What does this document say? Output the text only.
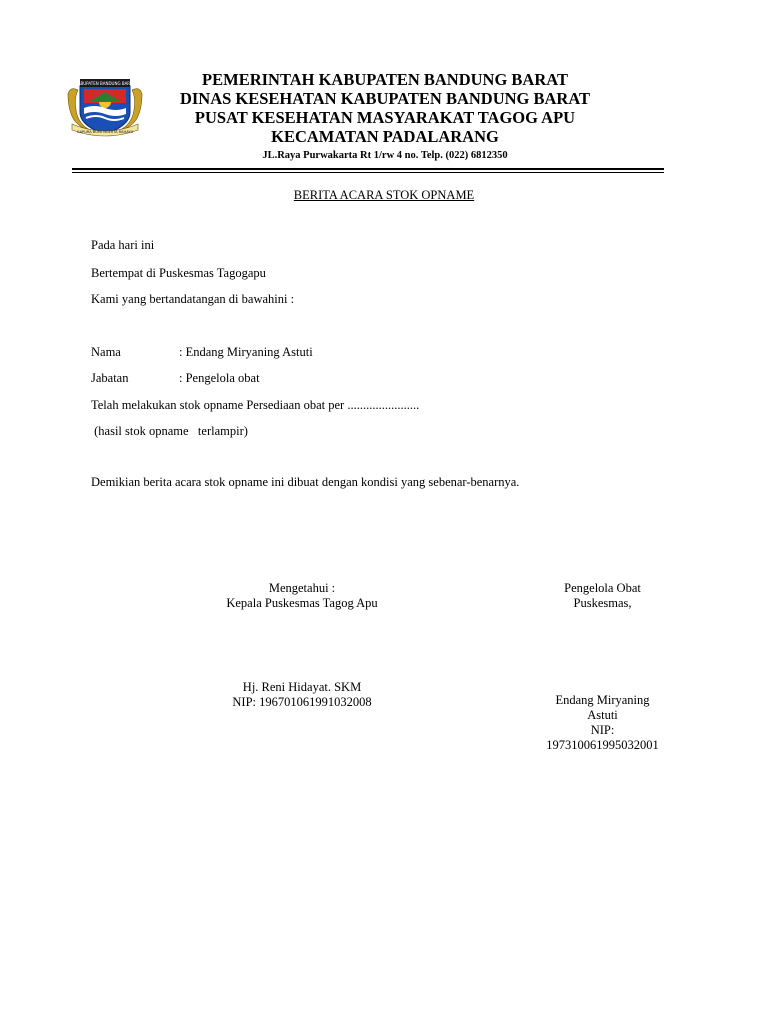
KABUPATEN BANDUNG BARAT
GAPURA BUMI NGERTA RAHAYU
PEMERINTAH KABUPATEN BANDUNG BARAT
DINAS KESEHATAN KABUPATEN BANDUNG BARAT
PUSAT KESEHATAN MASYARAKAT TAGOG APU
KECAMATAN PADALARANG
JL.Raya Purwakarta Rt 1/rw 4 no. Telp. (022) 6812350
BERITA ACARA STOK OPNAME
Pada hari ini
Bertempat di Puskesmas Tagogapu
Kami yang bertandatangan di bawahini :
Nama	: Endang Miryaning Astuti
Jabatan	: Pengelola obat
Telah melakukan stok opname Persediaan obat per .......................
(hasil stok opname   terlampir)
Demikian berita acara stok opname ini dibuat dengan kondisi yang sebenar-benarnya.
Mengetahui :
Kepala Puskesmas Tagog Apu
Hj. Reni Hidayat. SKM
NIP: 196701061991032008
Pengelola Obat
Puskesmas,
Endang Miryaning
Astuti
NIP:
197310061995032001
